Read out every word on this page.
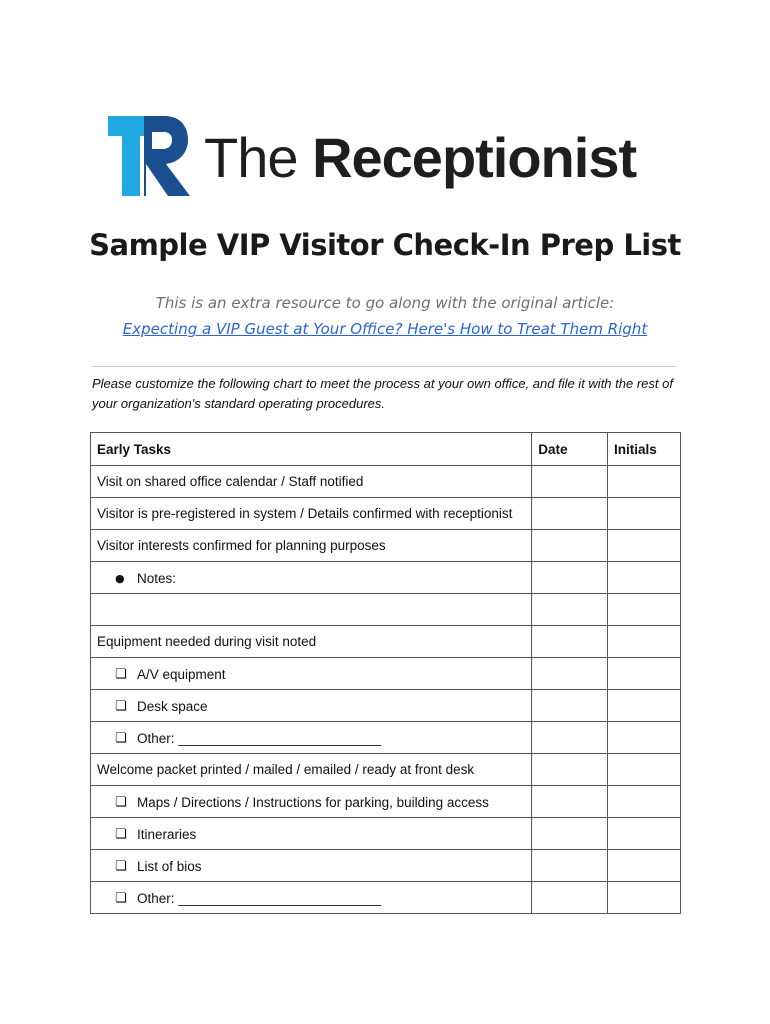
The Receptionist
Sample VIP Visitor Check-In Prep List
This is an extra resource to go along with the original article:
Expecting a VIP Guest at Your Office? Here's How to Treat Them Right
Please customize the following chart to meet the process at your own office, and file it with the rest of your organization's standard operating procedures.
Early Tasks	Date	Initials
Visit on shared office calendar / Staff notified		
Visitor is pre-registered in system / Details confirmed with receptionist		
Visitor interests confirmed for planning purposes		

● Notes:		

Equipment needed during visit noted		

❏ A/V equipment		

❏ Desk space		

❏ Other: ___________________________		

Welcome packet printed / mailed / emailed / ready at front desk		

❏ Maps / Directions / Instructions for parking, building access		

❏ Itineraries		

❏ List of bios		

❏ Other: ___________________________		
